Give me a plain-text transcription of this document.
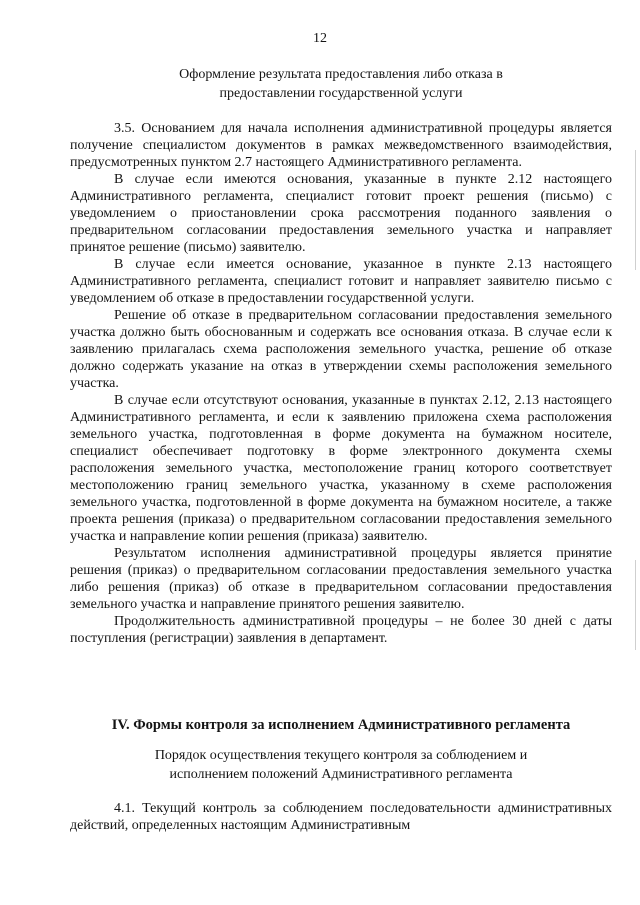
12
Оформление результата предоставления либо отказа в
предоставлении государственной услуги

3.5. Основанием для начала исполнения административной процедуры является получение специалистом документов в рамках межведомственного взаимодействия, предусмотренных пунктом 2.7 настоящего Административного регламента.

В случае если имеются основания, указанные в пункте 2.12 настоящего Административного регламента, специалист готовит проект решения (письмо) с уведомлением о приостановлении срока рассмотрения поданного заявления о предварительном согласовании предоставления земельного участка и направляет принятое решение (письмо) заявителю.

В случае если имеется основание, указанное в пункте 2.13 настоящего Административного регламента, специалист готовит и направляет заявителю письмо с уведомлением об отказе в предоставлении государственной услуги.

Решение об отказе в предварительном согласовании предоставления земельного участка должно быть обоснованным и содержать все основания отказа. В случае если к заявлению прилагалась схема расположения земельного участка, решение об отказе должно содержать указание на отказ в утверждении схемы расположения земельного участка.

В случае если отсутствуют основания, указанные в пунктах 2.12, 2.13 настоящего Административного регламента, и если к заявлению приложена схема расположения земельного участка, подготовленная в форме документа на бумажном носителе, специалист обеспечивает подготовку в форме электронного документа схемы расположения земельного участка, местоположение границ которого соответствует местоположению границ земельного участка, указанному в схеме расположения земельного участка, подготовленной в форме документа на бумажном носителе, а также проекта решения (приказа) о предварительном согласовании предоставления земельного участка и направление копии решения (приказа) заявителю.

Результатом исполнения административной процедуры является принятие решения (приказ) о предварительном согласовании предоставления земельного участка либо решения (приказ) об отказе в предварительном согласовании предоставления земельного участка и направление принятого решения заявителю.

Продолжительность административной процедуры – не более 30 дней с даты поступления (регистрации) заявления в департамент.

IV. Формы контроля за исполнением Административного регламента
Порядок осуществления текущего контроля за соблюдением и
исполнением положений Административного регламента

4.1. Текущий контроль за соблюдением последовательности административных действий, определенных настоящим Административным
